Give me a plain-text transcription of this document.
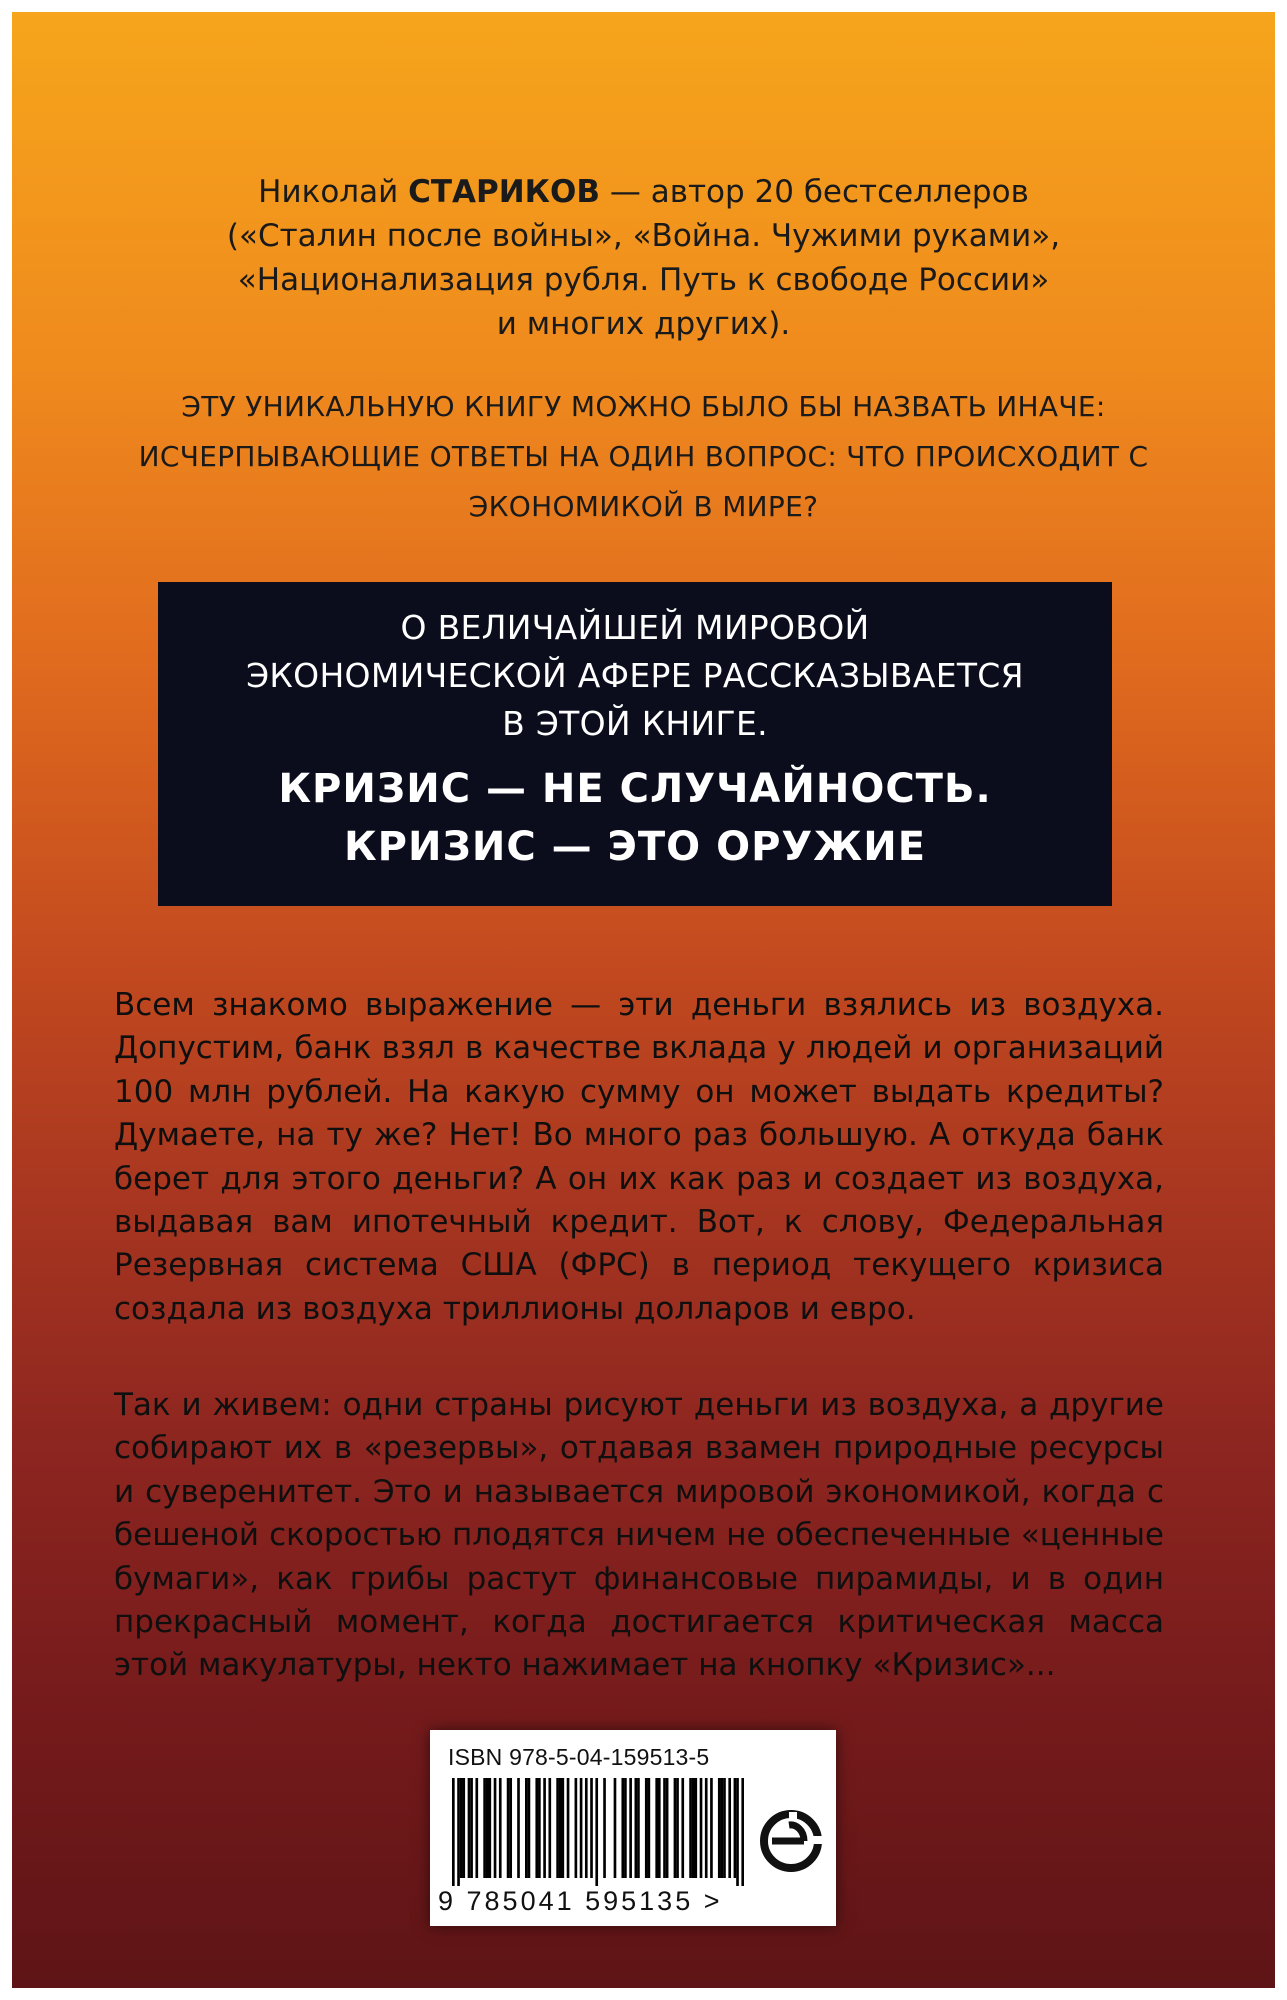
Николай СТАРИКОВ — автор 20 бестселлеров
(«Сталин после войны», «Война. Чужими руками»,
«Национализация рубля. Путь к свободе России»
и многих других).
ЭТУ УНИКАЛЬНУЮ КНИГУ МОЖНО БЫЛО БЫ НАЗВАТЬ ИНАЧЕ:
ИСЧЕРПЫВАЮЩИЕ ОТВЕТЫ НА ОДИН ВОПРОС: ЧТО ПРОИСХОДИТ С
ЭКОНОМИКОЙ В МИРЕ?
О ВЕЛИЧАЙШЕЙ МИРОВОЙ
ЭКОНОМИЧЕСКОЙ АФЕРЕ РАССКАЗЫВАЕТСЯ
В ЭТОЙ КНИГЕ.
КРИЗИС — НЕ СЛУЧАЙНОСТЬ.
КРИЗИС — ЭТО ОРУЖИЕ
Всем знакомо выражение — эти деньги взялись из воздуха.
Допустим, банк взял в качестве вклада у людей и организаций
100 млн рублей. На какую сумму он может выдать кредиты?
Думаете, на ту же? Нет! Во много раз большую. А откуда банк
берет для этого деньги? А он их как раз и создает из воздуха,
выдавая вам ипотечный кредит. Вот, к слову, Федеральная
Резервная система США (ФРС) в период текущего кризиса
создала из воздуха триллионы долларов и евро.
Так и живем: одни страны рисуют деньги из воздуха, а другие
собирают их в «резервы», отдавая взамен природные ресурсы
и суверенитет. Это и называется мировой экономикой, когда с
бешеной скоростью плодятся ничем не обеспеченные «ценные
бумаги», как грибы растут финансовые пирамиды, и в один
прекрасный момент, когда достигается критическая масса
этой макулатуры, некто нажимает на кнопку «Кризис»...
ISBN 978-5-04-159513-5
9 785041 595135 >
